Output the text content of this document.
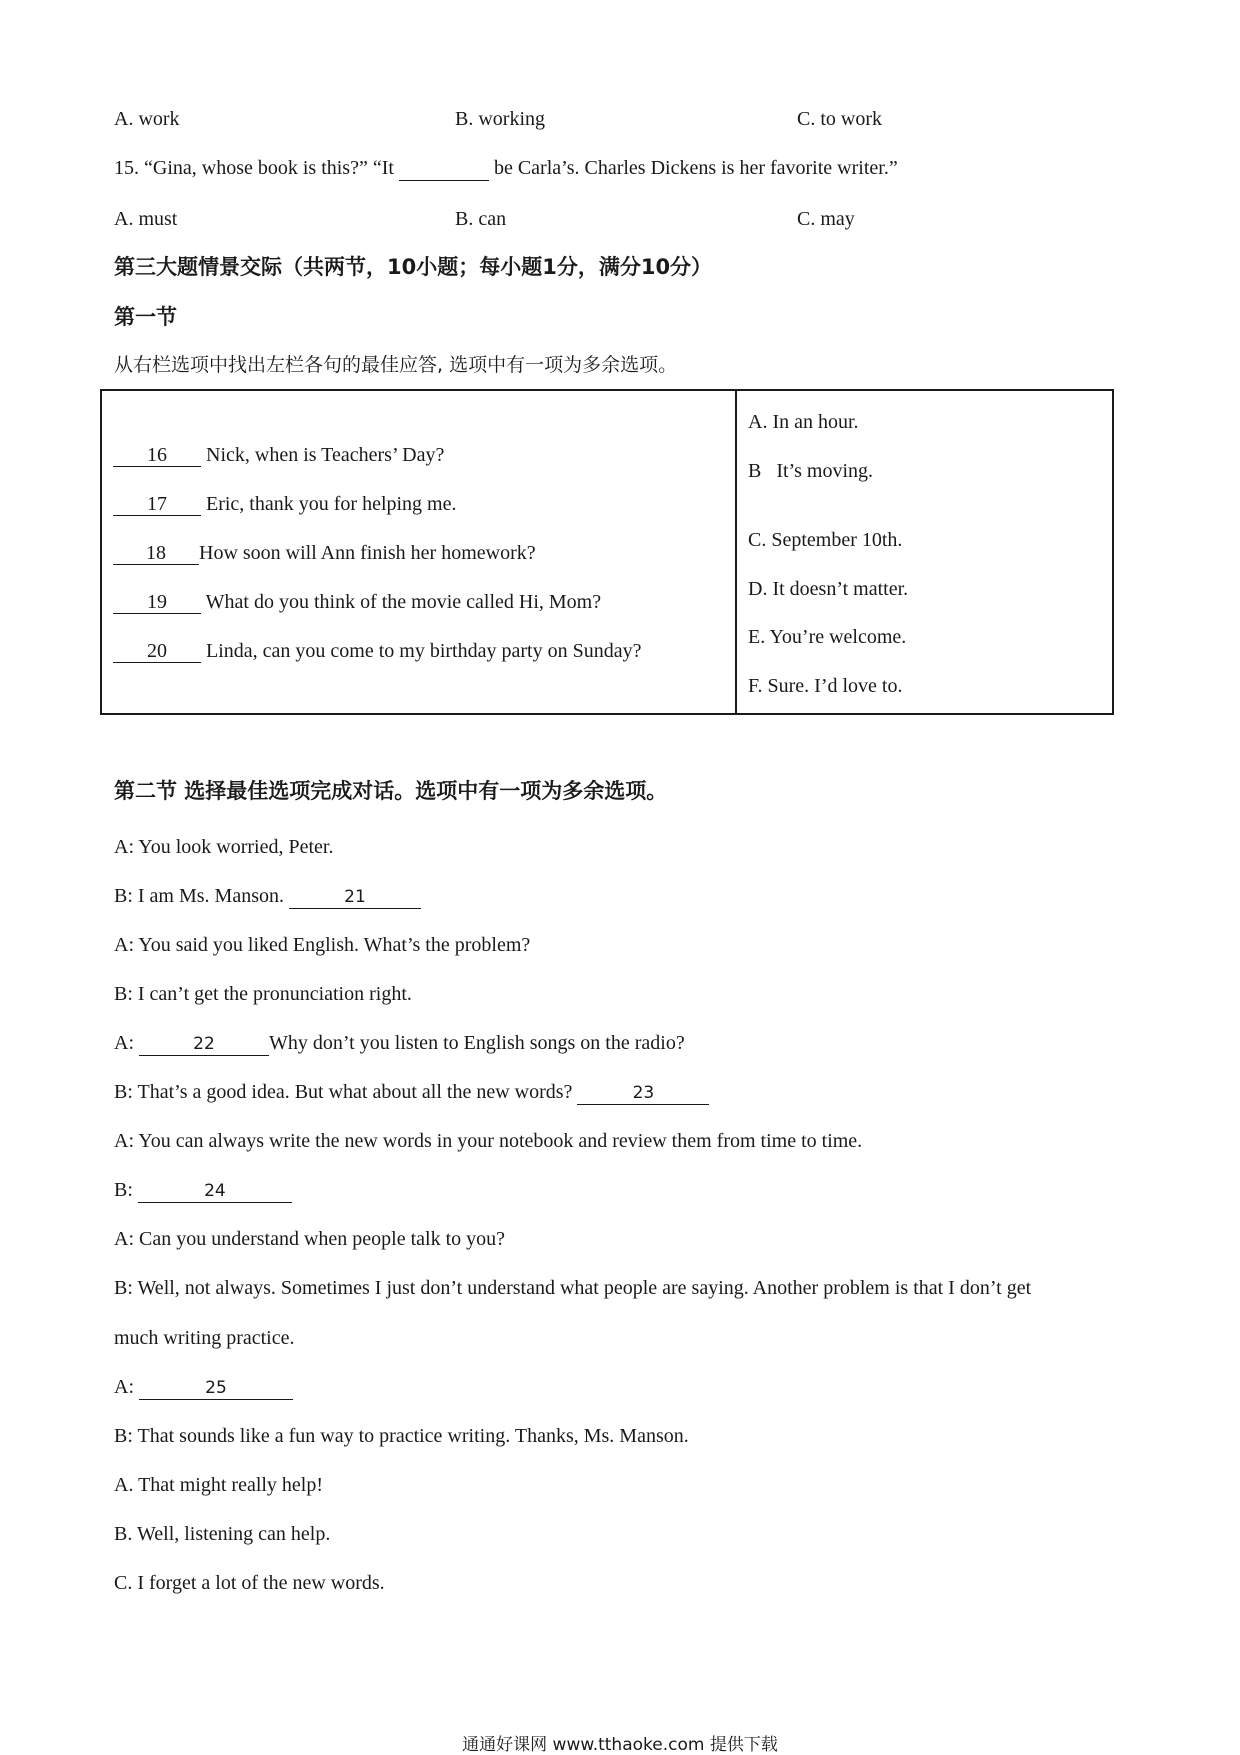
A. work	B. working	C. to work
15. “Gina, whose book is this?” “It	be Carla’s. Charles Dickens is her favorite writer.”
A. must	B. can	C. may
第三大题情景交际（共两节，10小题；每小题1分，满分10分）
第一节
从右栏选项中找出左栏各句的最佳应答, 选项中有一项为多余选项。
16 Nick, when is Teachers’ Day?
17 Eric, thank you for helping me.
18 How soon will Ann finish her homework?
19 What do you think of the movie called Hi, Mom?
20 Linda, can you come to my birthday party on Sunday?
A. In an hour.
B   It’s moving.
C. September 10th.
D. It doesn’t matter.
E. You’re welcome.
F. Sure. I’d love to.
第二节 选择最佳选项完成对话。选项中有一项为多余选项。
A: You look worried, Peter.
B: I am Ms. Manson.	21
A: You said you liked English. What’s the problem?
B: I can’t get the pronunciation right.
A:	22	Why don’t you listen to English songs on the radio?
B: That’s a good idea. But what about all the new words?	23
A: You can always write the new words in your notebook and review them from time to time.
B:	24
A: Can you understand when people talk to you?
B: Well, not always. Sometimes I just don’t understand what people are saying. Another problem is that I don’t get
much writing practice.
A:	25
B: That sounds like a fun way to practice writing. Thanks, Ms. Manson.
A. That might really help!
B. Well, listening can help.
C. I forget a lot of the new words.
通通好课网 www.tthaoke.com 提供下载
